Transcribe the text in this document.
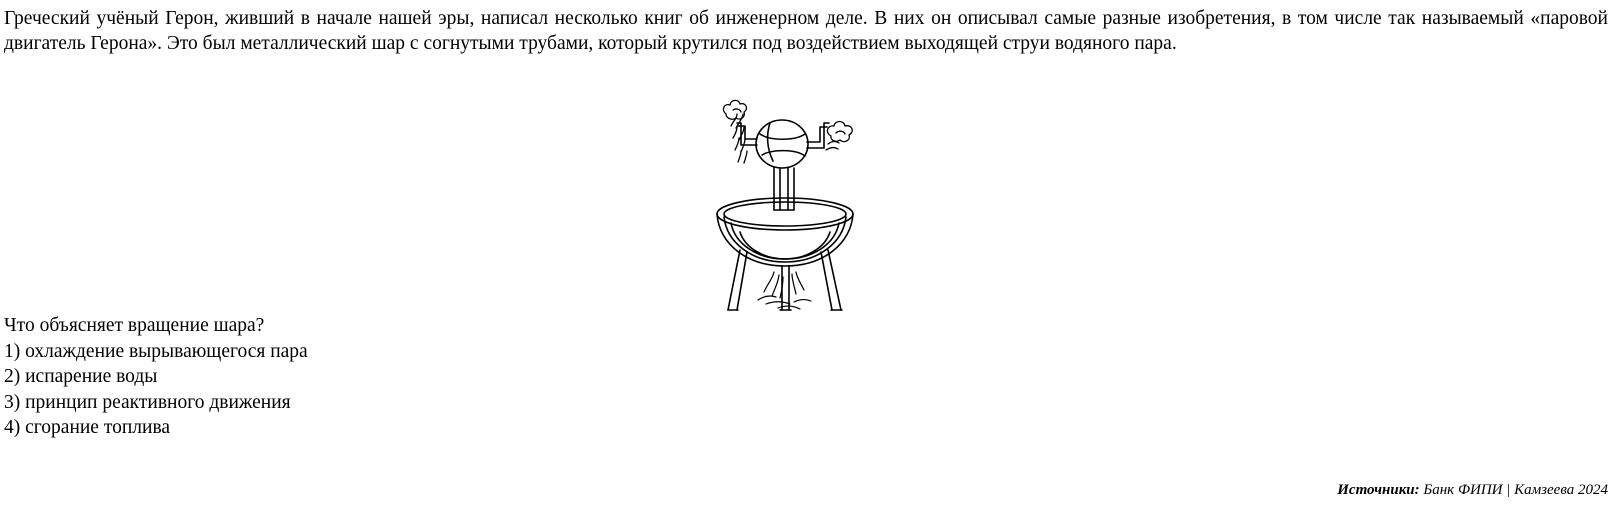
Греческий учёный Герон, живший в начале нашей эры, написал несколько книг об инженерном деле. В них он описывал самые разные изобретения, в том числе так называемый «паровой двигатель Герона». Это был металлический шар с согнутыми трубами, который крутился под воздействием выходящей струи водяного пара.

Что объясняет вращение шара?
1) охлаждение вырывающегося пара
2) испарение воды
3) принцип реактивного движения
4) сгорание топлива
Источники: Банк ФИПИ | Камзеева 2024
